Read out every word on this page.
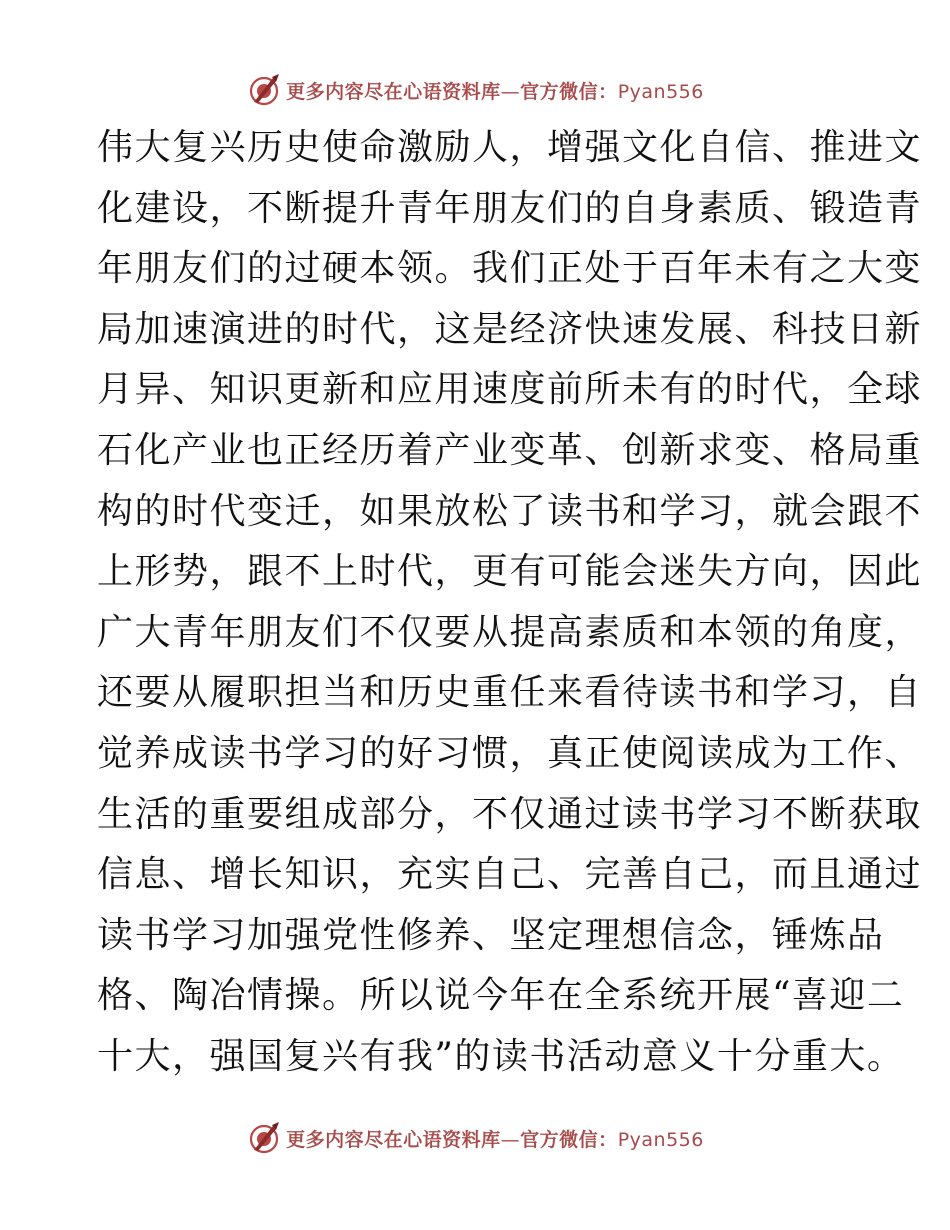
更多内容尽在心语资料库—官方微信：Pyan556
伟大复兴历史使命激励人，增强文化自信、推进文
化建设，不断提升青年朋友们的自身素质、锻造青
年朋友们的过硬本领。我们正处于百年未有之大变
局加速演进的时代，这是经济快速发展、科技日新
月异、知识更新和应用速度前所未有的时代，全球
石化产业也正经历着产业变革、创新求变、格局重
构的时代变迁，如果放松了读书和学习，就会跟不
上形势，跟不上时代，更有可能会迷失方向，因此
广大青年朋友们不仅要从提高素质和本领的角度，
还要从履职担当和历史重任来看待读书和学习，自
觉养成读书学习的好习惯，真正使阅读成为工作、
生活的重要组成部分，不仅通过读书学习不断获取
信息、增长知识，充实自己、完善自己，而且通过
读书学习加强党性修养、坚定理想信念，锤炼品
格、陶冶情操。所以说今年在全系统开展“喜迎二
十大，强国复兴有我”的读书活动意义十分重大。
更多内容尽在心语资料库—官方微信：Pyan556
